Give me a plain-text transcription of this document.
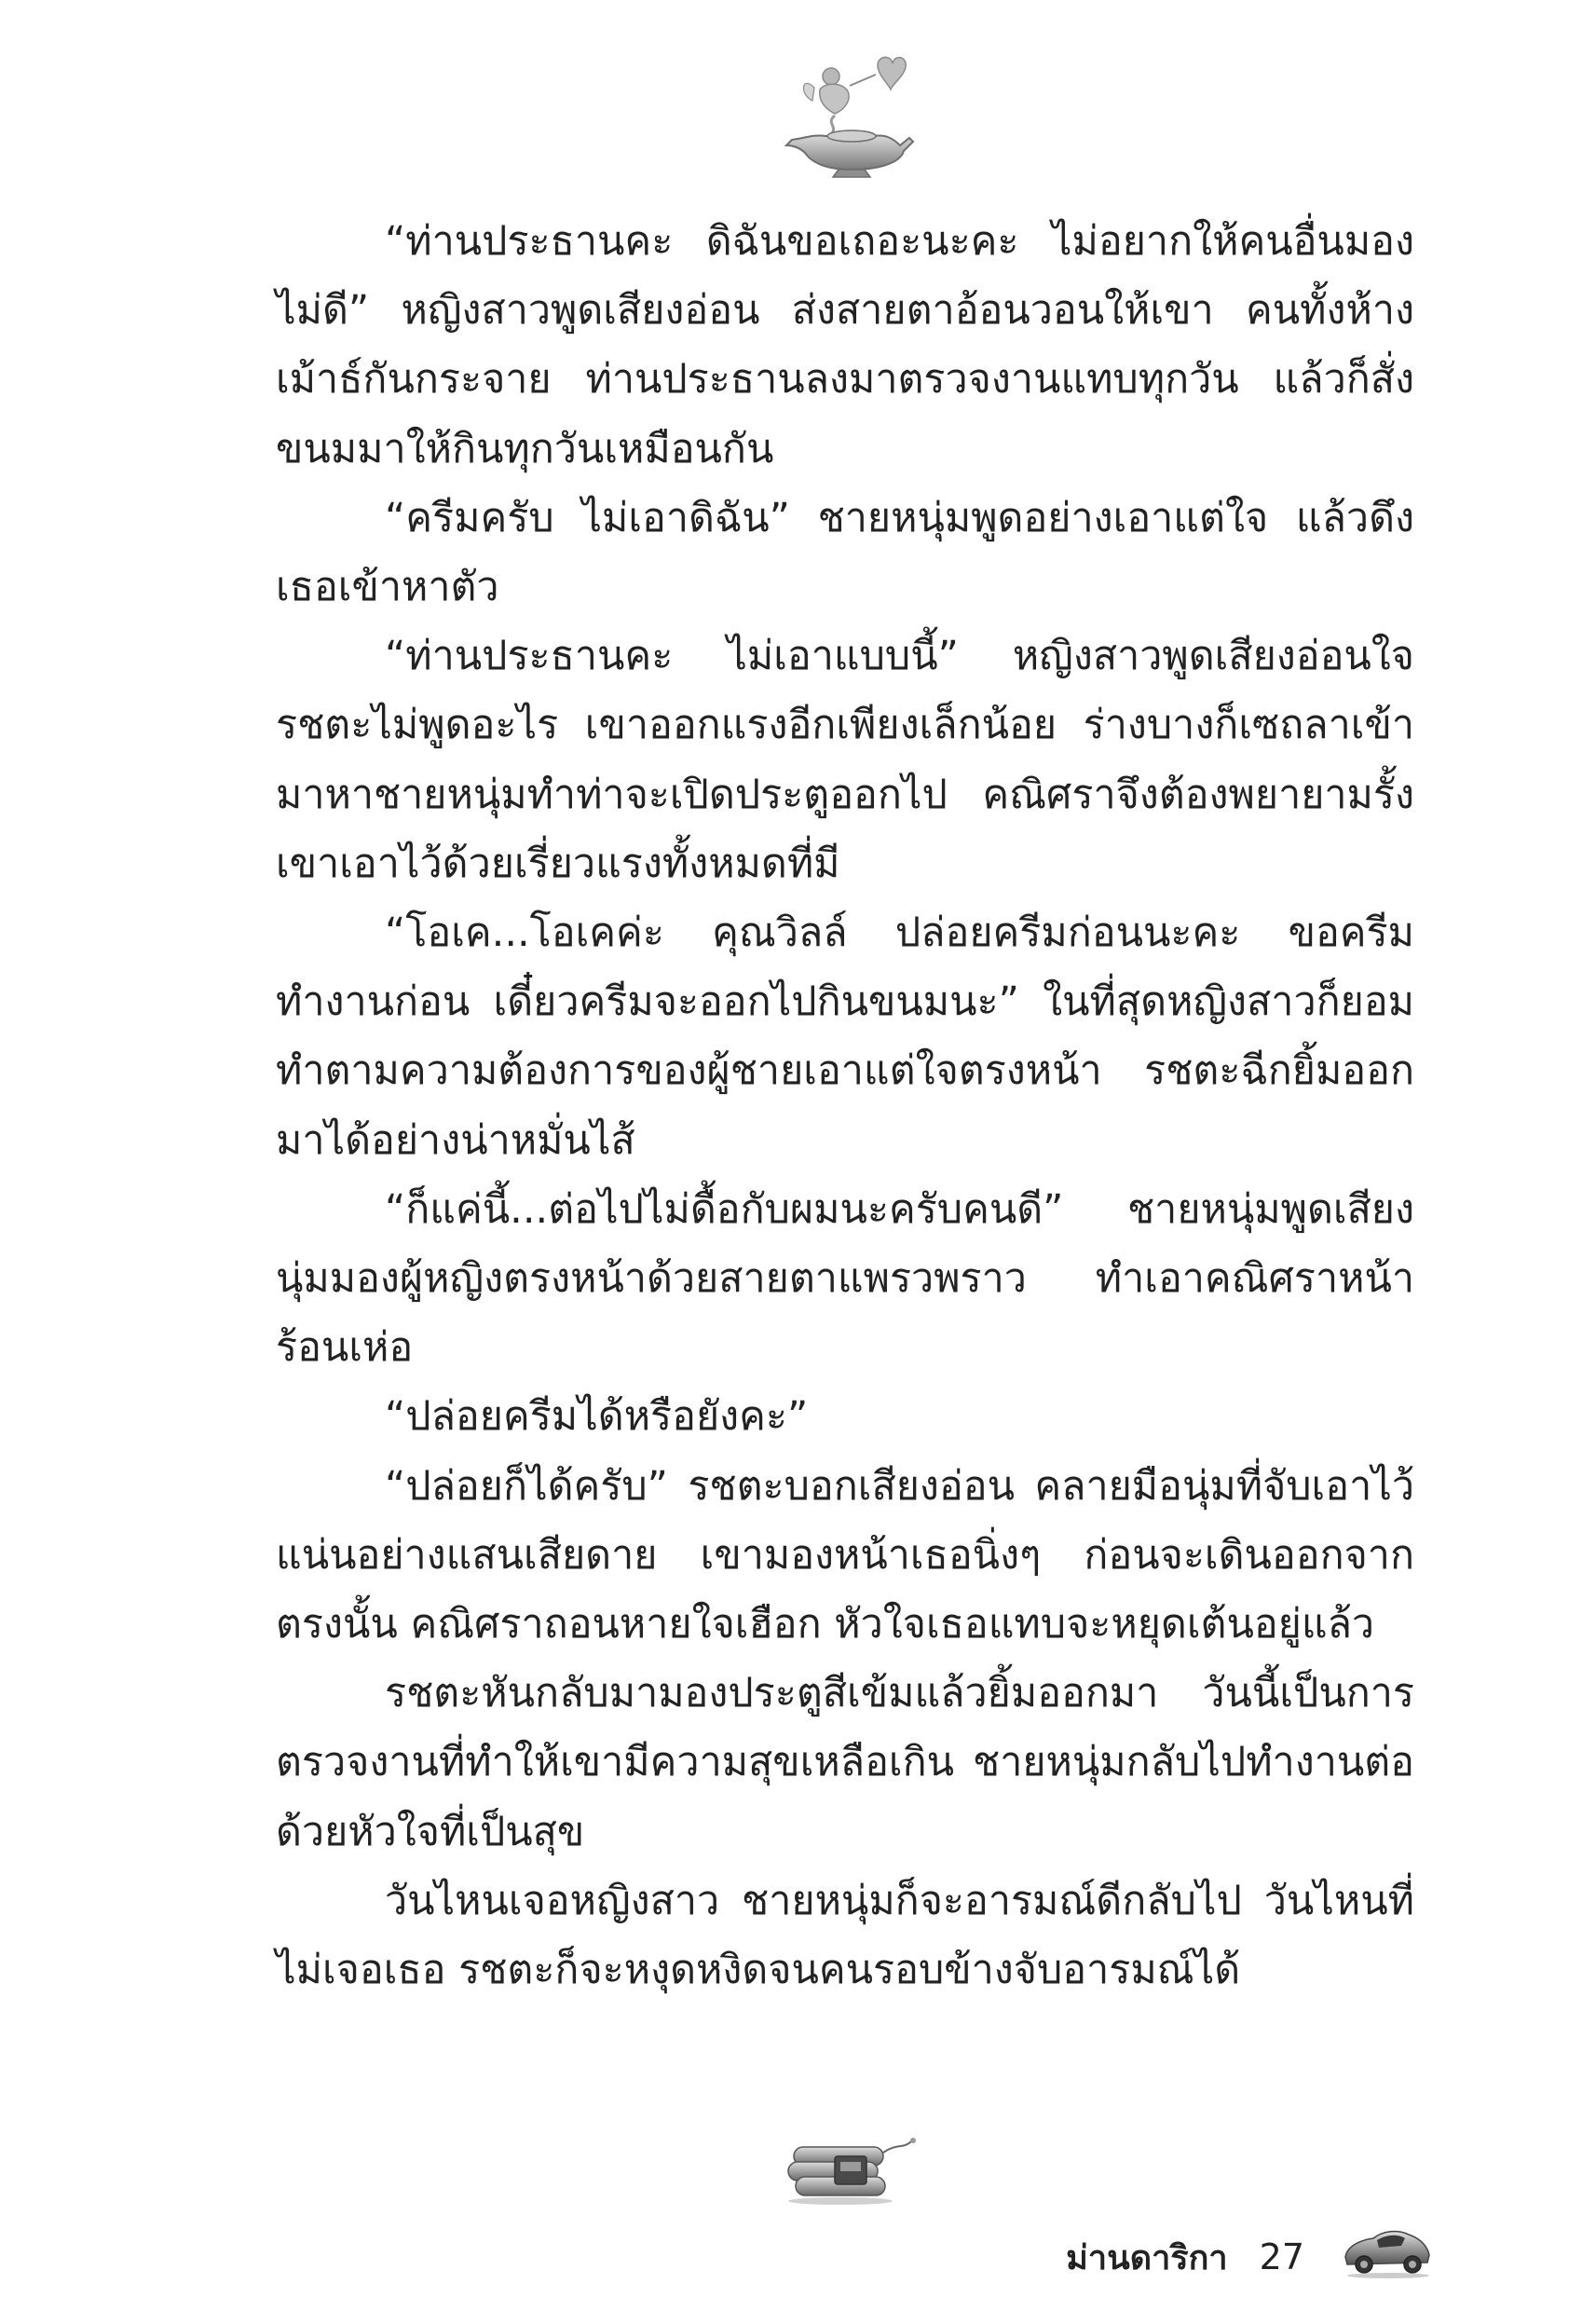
“ท่านประธานคะ ดิฉันขอเถอะนะคะ ไม่อยากให้คนอื่นมองไม่ดี” หญิงสาวพูดเสียงอ่อน ส่งสายตาอ้อนวอนให้เขา คนทั้งห้างเม้าธ์กันกระจาย ท่านประธานลงมาตรวจงานแทบทุกวัน แล้วก็สั่งขนมมาให้กินทุกวันเหมือนกัน

“ครีมครับ ไม่เอาดิฉัน” ชายหนุ่มพูดอย่างเอาแต่ใจ แล้วดึงเธอเข้าหาตัว

“ท่านประธานคะ ไม่เอาแบบนี้” หญิงสาวพูดเสียงอ่อนใจ รชตะไม่พูดอะไร เขาออกแรงอีกเพียงเล็กน้อย ร่างบางก็เซถลาเข้ามาหาชายหนุ่มทำท่าจะเปิดประตูออกไป คณิศราจึงต้องพยายามรั้งเขาเอาไว้ด้วยเรี่ยวแรงทั้งหมดที่มี

“โอเค...โอเคค่ะ คุณวิลล์ ปล่อยครีมก่อนนะคะ ขอครีมทำงานก่อน เดี๋ยวครีมจะออกไปกินขนมนะ” ในที่สุดหญิงสาวก็ยอมทำตามความต้องการของผู้ชายเอาแต่ใจตรงหน้า รชตะฉีกยิ้มออกมาได้อย่างน่าหมั่นไส้

“ก็แค่นี้...ต่อไปไม่ดื้อกับผมนะครับคนดี” ชายหนุ่มพูดเสียงนุ่มมองผู้หญิงตรงหน้าด้วยสายตาแพรวพราว ทำเอาคณิศราหน้าร้อนเห่อ

“ปล่อยครีมได้หรือยังคะ”

“ปล่อยก็ได้ครับ” รชตะบอกเสียงอ่อน คลายมือนุ่มที่จับเอาไว้แน่นอย่างแสนเสียดาย เขามองหน้าเธอนิ่งๆ ก่อนจะเดินออกจากตรงนั้น คณิศราถอนหายใจเฮือก หัวใจเธอแทบจะหยุดเต้นอยู่แล้ว

รชตะหันกลับมามองประตูสีเข้มแล้วยิ้มออกมา วันนี้เป็นการตรวจงานที่ทำให้เขามีความสุขเหลือเกิน ชายหนุ่มกลับไปทำงานต่อด้วยหัวใจที่เป็นสุข

วันไหนเจอหญิงสาว ชายหนุ่มก็จะอารมณ์ดีกลับไป วันไหนที่ไม่เจอเธอ รชตะก็จะหงุดหงิดจนคนรอบข้างจับอารมณ์ได้

ม่านดาริกา 27
